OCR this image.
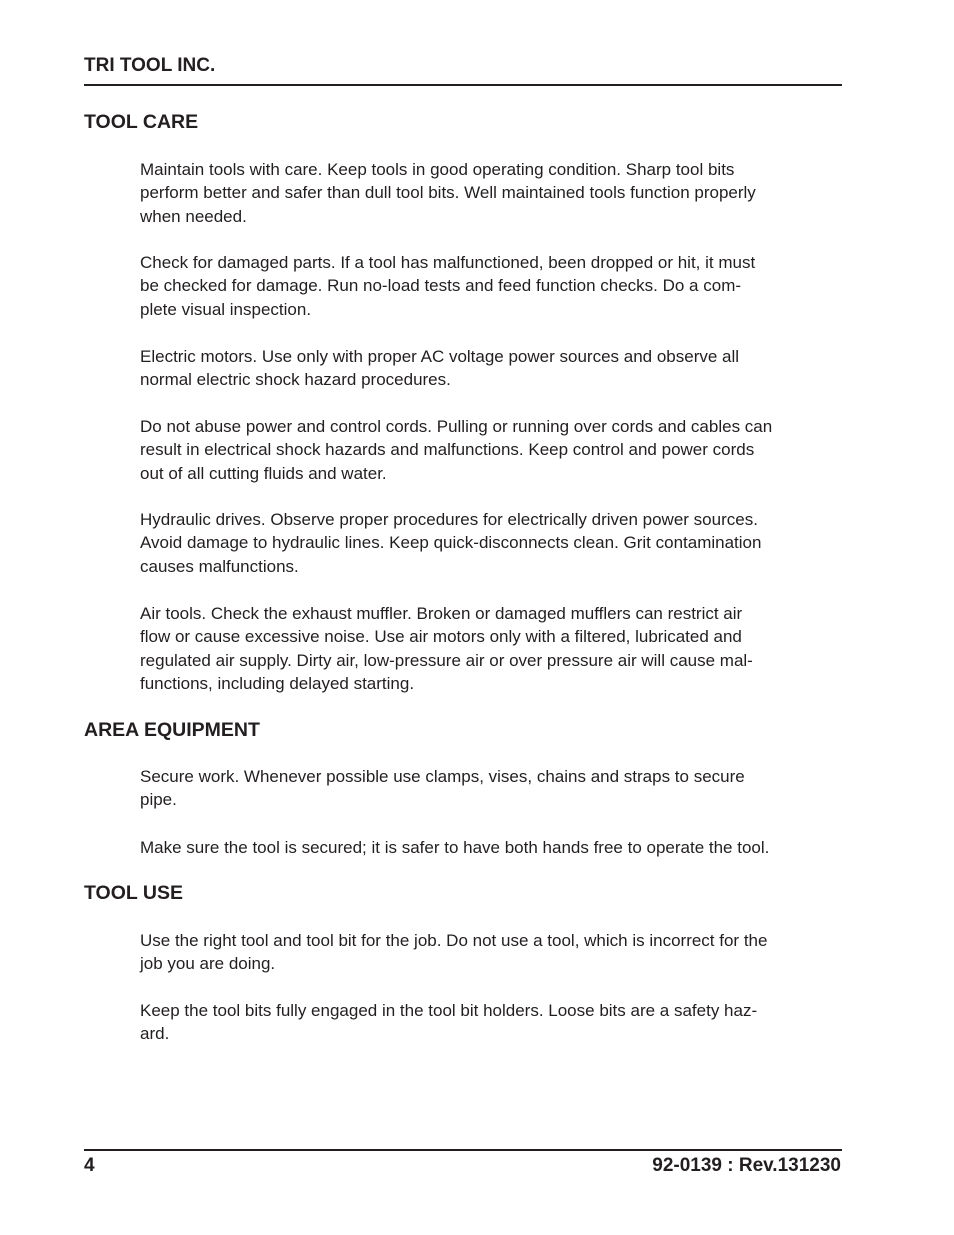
TRI TOOL INC.
TOOL CARE
Maintain tools with care. Keep tools in good operating condition. Sharp tool bits
perform better and safer than dull tool bits. Well maintained tools function properly
when needed.
Check for damaged parts. If a tool has malfunctioned, been dropped or hit, it must
be checked for damage. Run no-load tests and feed function checks. Do a com-
plete visual inspection.
Electric motors. Use only with proper AC voltage power sources and observe all
normal electric shock hazard procedures.
Do not abuse power and control cords. Pulling or running over cords and cables can
result in electrical shock hazards and malfunctions. Keep control and power cords
out of all cutting fluids and water.
Hydraulic drives. Observe proper procedures for electrically driven power sources.
Avoid damage to hydraulic lines. Keep quick-disconnects clean. Grit contamination
causes malfunctions.
Air tools. Check the exhaust muffler. Broken or damaged mufflers can restrict air
flow or cause excessive noise. Use air motors only with a filtered, lubricated and
regulated air supply. Dirty air, low-pressure air or over pressure air will cause mal-
functions, including delayed starting.
AREA EQUIPMENT
Secure work. Whenever possible use clamps, vises, chains and straps to secure
pipe.
Make sure the tool is secured; it is safer to have both hands free to operate the tool.
TOOL USE
Use the right tool and tool bit for the job. Do not use a tool, which is incorrect for the
job you are doing.
Keep the tool bits fully engaged in the tool bit holders. Loose bits are a safety haz-
ard.
4	92-0139 : Rev.131230
